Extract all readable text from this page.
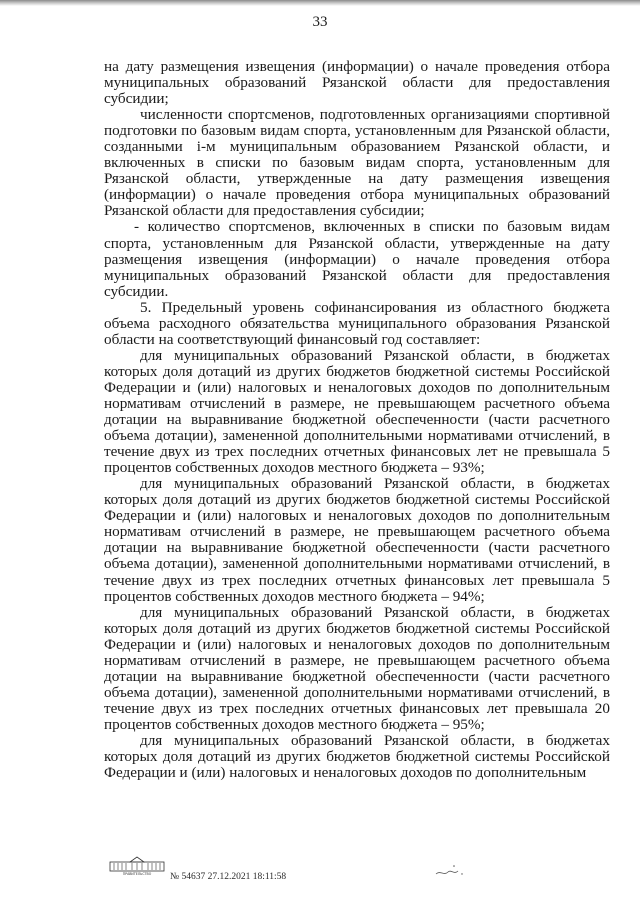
33

на дату размещения извещения (информации) о начале проведения отбора муниципальных образований Рязанской области для предоставления субсидии;

численности спортсменов, подготовленных организациями спортивной подготовки по базовым видам спорта, установленным для Рязанской области, созданными i-м муниципальным образованием Рязанской области, и включенных в списки по базовым видам спорта, установленным для Рязанской области, утвержденные на дату размещения извещения (информации) о начале проведения отбора муниципальных образований Рязанской области для предоставления субсидии;

- количество спортсменов, включенных в списки по базовым видам спорта, установленным для Рязанской области, утвержденные на дату размещения извещения (информации) о начале проведения отбора муниципальных образований Рязанской области для предоставления субсидии.

5. Предельный уровень софинансирования из областного бюджета объема расходного обязательства муниципального образования Рязанской области на соответствующий финансовый год составляет:

для муниципальных образований Рязанской области, в бюджетах которых доля дотаций из других бюджетов бюджетной системы Российской Федерации и (или) налоговых и неналоговых доходов по дополнительным нормативам отчислений в размере, не превышающем расчетного объема дотации на выравнивание бюджетной обеспеченности (части расчетного объема дотации), замененной дополнительными нормативами отчислений, в течение двух из трех последних отчетных финансовых лет не превышала 5 процентов собственных доходов местного бюджета – 93%;

для муниципальных образований Рязанской области, в бюджетах которых доля дотаций из других бюджетов бюджетной системы Российской Федерации и (или) налоговых и неналоговых доходов по дополнительным нормативам отчислений в размере, не превышающем расчетного объема дотации на выравнивание бюджетной обеспеченности (части расчетного объема дотации), замененной дополнительными нормативами отчислений, в течение двух из трех последних отчетных финансовых лет превышала 5 процентов собственных доходов местного бюджета – 94%;

для муниципальных образований Рязанской области, в бюджетах которых доля дотаций из других бюджетов бюджетной системы Российской Федерации и (или) налоговых и неналоговых доходов по дополнительным нормативам отчислений в размере, не превышающем расчетного объема дотации на выравнивание бюджетной обеспеченности (части расчетного объема дотации), замененной дополнительными нормативами отчислений, в течение двух из трех последних отчетных финансовых лет превышала 20 процентов собственных доходов местного бюджета – 95%;

для муниципальных образований Рязанской области, в бюджетах которых доля дотаций из других бюджетов бюджетной системы Российской Федерации и (или) налоговых и неналоговых доходов по дополнительным

ПРАВИТЕЛЬСТВО № 54637 27.12.2021 18:11:58
